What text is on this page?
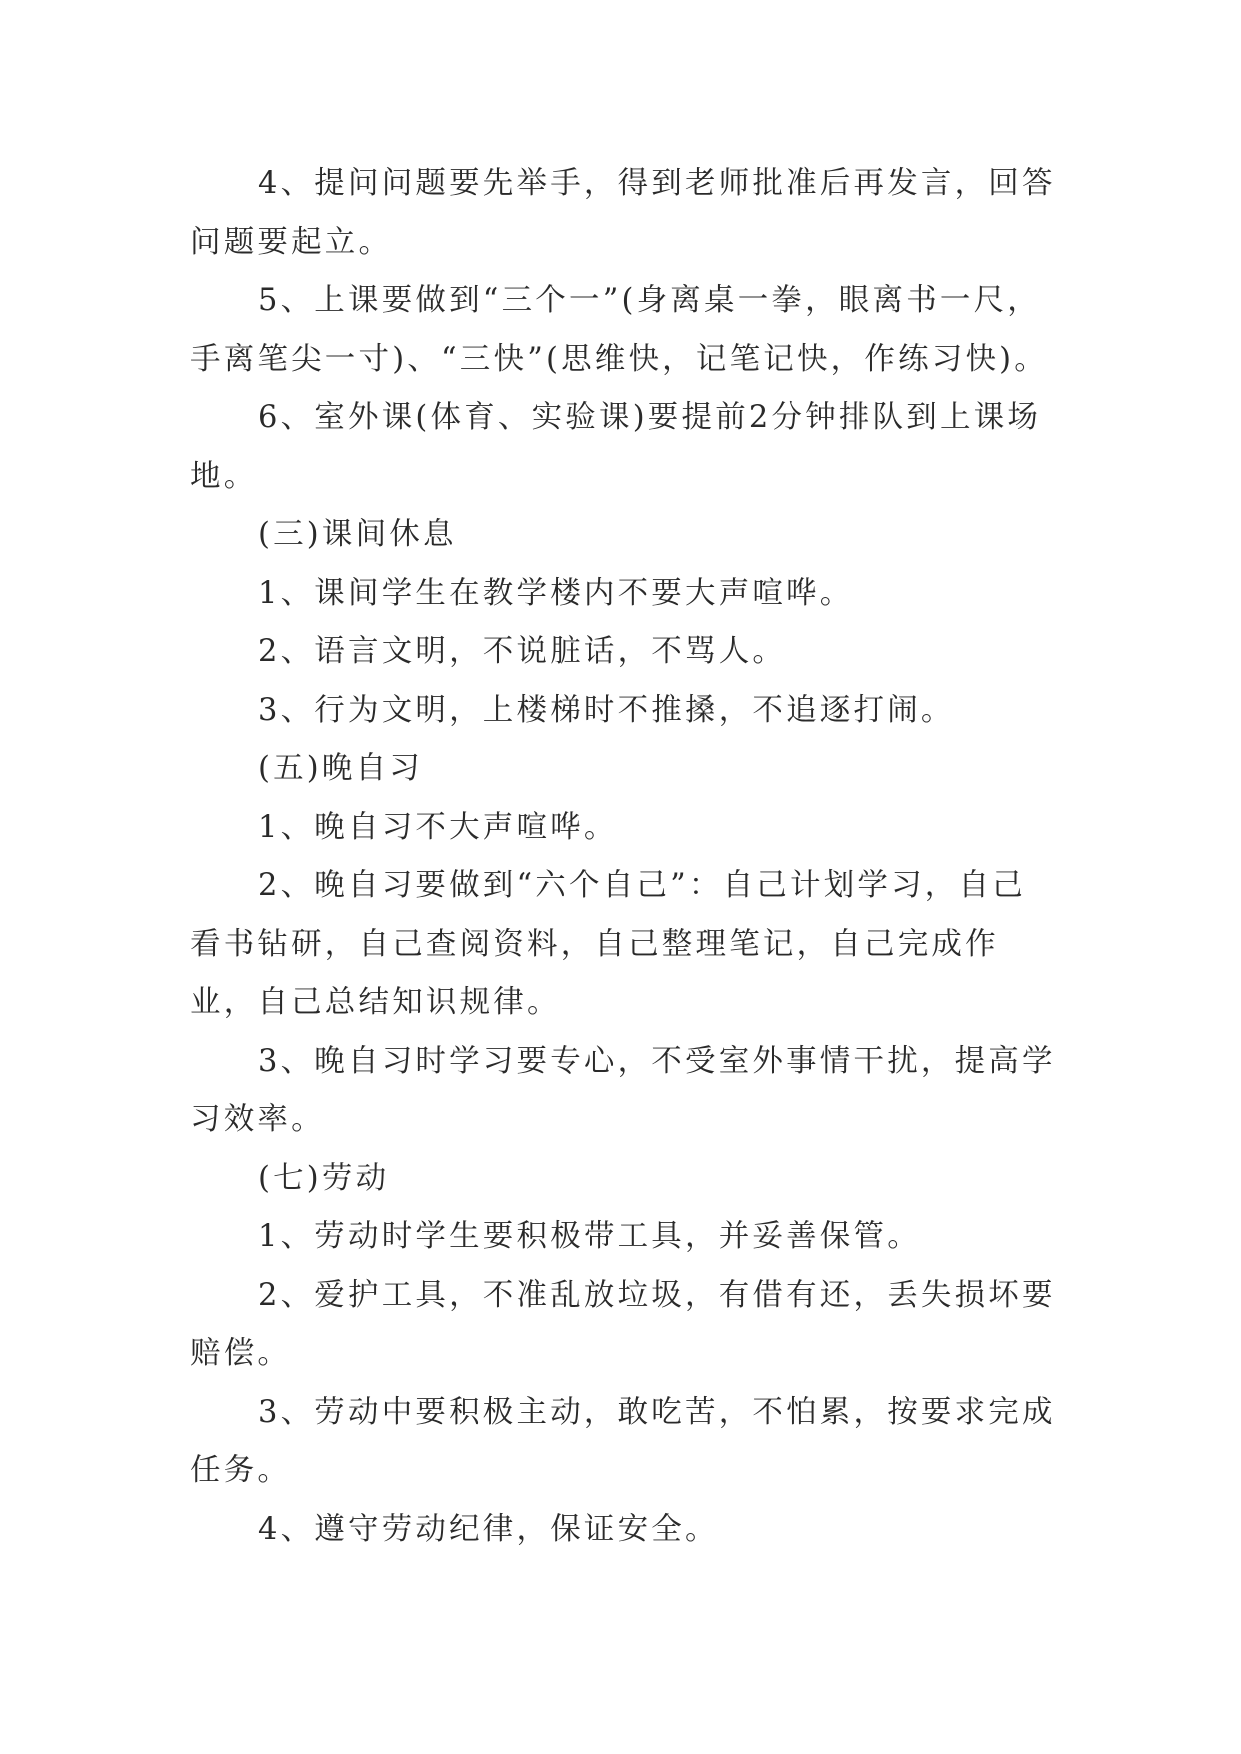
4、提问问题要先举手，得到老师批准后再发言，回答问题要起立。

5、上课要做到“三个一”(身离桌一拳，眼离书一尺，手离笔尖一寸)、“三快”(思维快，记笔记快，作练习快)。

6、室外课(体育、实验课)要提前2分钟排队到上课场地。

(三)课间休息

1、课间学生在教学楼内不要大声喧哗。

2、语言文明，不说脏话，不骂人。

3、行为文明，上楼梯时不推搡，不追逐打闹。

(五)晚自习

1、晚自习不大声喧哗。

2、晚自习要做到“六个自己”：自己计划学习，自己看书钻研，自己查阅资料，自己整理笔记，自己完成作业，自己总结知识规律。

3、晚自习时学习要专心，不受室外事情干扰，提高学习效率。

(七)劳动

1、劳动时学生要积极带工具，并妥善保管。

2、爱护工具，不准乱放垃圾，有借有还，丢失损坏要赔偿。

3、劳动中要积极主动，敢吃苦，不怕累，按要求完成任务。

4、遵守劳动纪律，保证安全。
